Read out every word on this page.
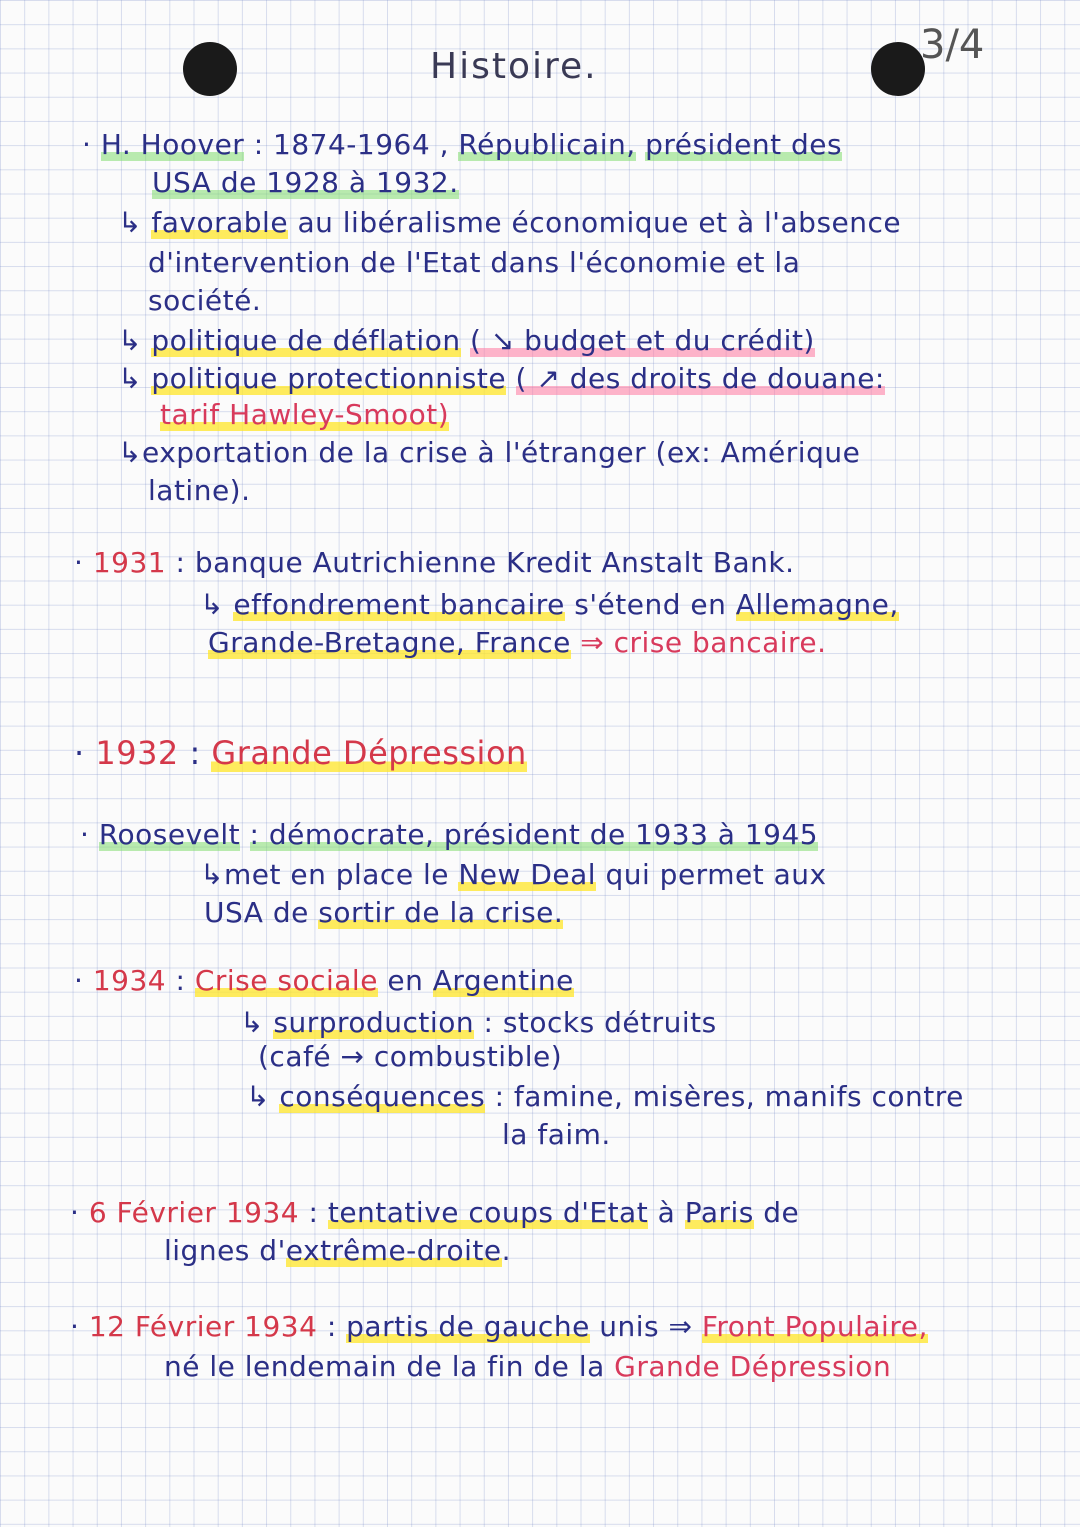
Histoire.	3/4
· H. Hoover : 1874-1964 , Républicain, président des
USA de 1928 à 1932.
↳ favorable au libéralisme économique et à l'absence
d'intervention de l'Etat dans l'économie et la
société.
↳ politique de déflation ( ↘ budget et du crédit)
↳ politique protectionniste ( ↗ des droits de douane:
tarif Hawley-Smoot)
↳exportation de la crise à l'étranger (ex: Amérique
latine).
· 1931 : banque Autrichienne Kredit Anstalt Bank.
↳ effondrement bancaire s'étend en Allemagne,
Grande-Bretagne, France ⇒ crise bancaire.
· 1932 : Grande Dépression
· Roosevelt : démocrate, président de 1933 à 1945
↳met en place le New Deal qui permet aux
USA de sortir de la crise.
· 1934 : Crise sociale en Argentine
↳ surproduction : stocks détruits
(café → combustible)
↳ conséquences : famine, misères, manifs contre
la faim.
· 6 Février 1934 : tentative coups d'Etat à Paris de
lignes d'extrême-droite.
· 12 Février 1934 : partis de gauche unis ⇒ Front Populaire,
né le lendemain de la fin de la Grande Dépression
